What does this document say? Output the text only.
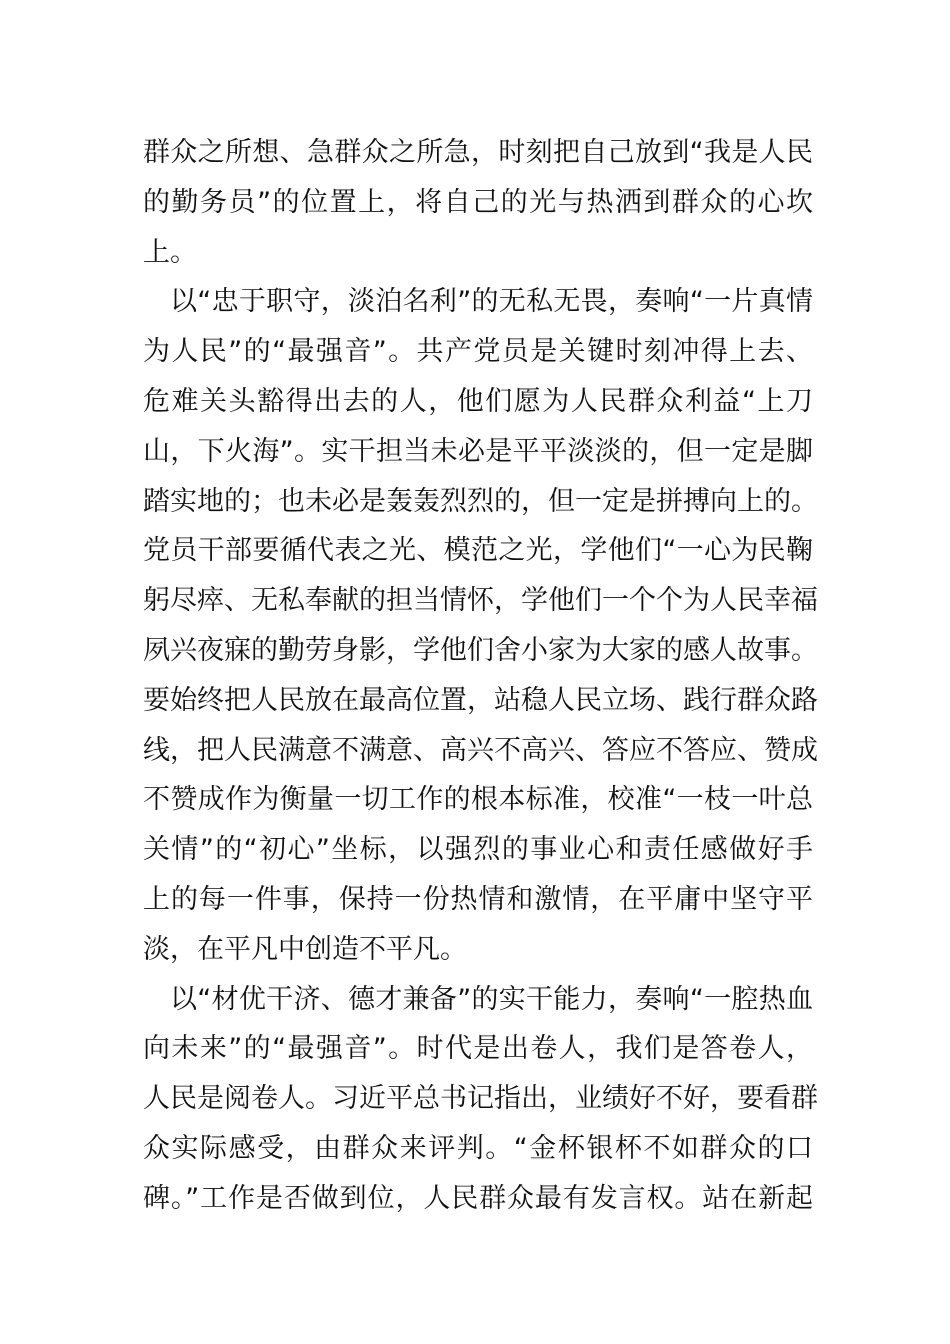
群众之所想、急群众之所急，时刻把自己放到“我是人民
的勤务员”的位置上，将自己的光与热洒到群众的心坎
上。
以“忠于职守，淡泊名利”的无私无畏，奏响“一片真情
为人民”的“最强音”。共产党员是关键时刻冲得上去、
危难关头豁得出去的人，他们愿为人民群众利益“上刀
山，下火海”。实干担当未必是平平淡淡的，但一定是脚
踏实地的；也未必是轰轰烈烈的，但一定是拼搏向上的。
党员干部要循代表之光、模范之光，学他们“一心为民鞠
躬尽瘁、无私奉献的担当情怀，学他们一个个为人民幸福
夙兴夜寐的勤劳身影，学他们舍小家为大家的感人故事。
要始终把人民放在最高位置，站稳人民立场、践行群众路
线，把人民满意不满意、高兴不高兴、答应不答应、赞成
不赞成作为衡量一切工作的根本标准，校准“一枝一叶总
关情”的“初心”坐标，以强烈的事业心和责任感做好手
上的每一件事，保持一份热情和激情，在平庸中坚守平
淡，在平凡中创造不平凡。
以“材优干济、德才兼备”的实干能力，奏响“一腔热血
向未来”的“最强音”。时代是出卷人，我们是答卷人，
人民是阅卷人。习近平总书记指出，业绩好不好，要看群
众实际感受，由群众来评判。“金杯银杯不如群众的口
碑。”工作是否做到位，人民群众最有发言权。站在新起
